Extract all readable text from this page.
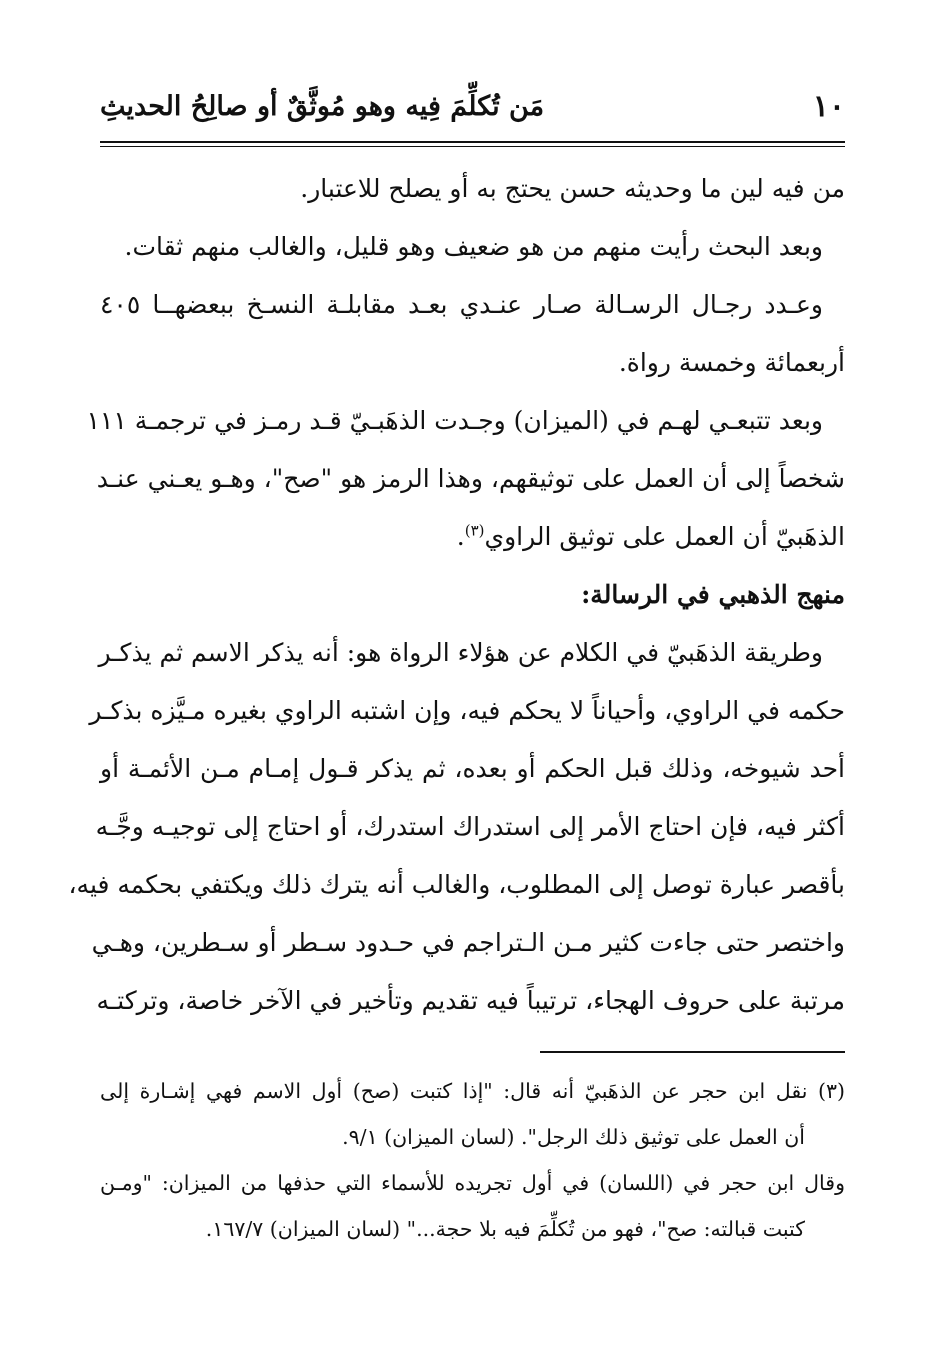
١٠
مَن تُكلِّمَ فِيه وهو مُوثَّقٌ أو صالِحُ الحديثِ
من فيه لين ما وحديثه حسن يحتج به أو يصلح للاعتبار.
وبعد البحث رأيت منهم من هو ضعيف وهو قليل، والغالب منهم ثقات.
وعـدد رجـال الرسـالة صـار عنـدي بعـد مقابلـة النسـخ ببعضهــا ٤٠٥
أربعمائة وخمسة رواة.
وبعد تتبعـي لهـم في (الميزان) وجـدت الذهَبـيّ قـد رمـز في ترجمـة ١١١
شخصاً إلى أن العمل على توثيقهم، وهذا الرمز هو "صح"، وهـو يعـني عنـد
الذهَبيّ أن العمل على توثيق الراوي$^{(٣)}$.
منهج الذهبي في الرسالة:
وطريقة الذهَبيّ في الكلام عن هؤلاء الرواة هو: أنه يذكر الاسم ثم يذكـر
حكمه في الراوي، وأحياناً لا يحكم فيه، وإن اشتبه الراوي بغيره مـيَّزه بذكـر
أحد شيوخه، وذلك قبل الحكم أو بعده، ثم يذكر قـول إمـام مـن الأئمـة أو
أكثر فيه، فإن احتاج الأمر إلى استدراك استدرك، أو احتاج إلى توجيـه وجَّـه
بأقصر عبارة توصل إلى المطلوب، والغالب أنه يترك ذلك ويكتفي بحكمه فيه،
واختصر حتى جاءت كثير مـن الـتراجم في حـدود سـطر أو سـطرين، وهـي
مرتبة على حروف الهجاء، ترتيباً فيه تقديم وتأخير في الآخر خاصة، وتركتـه
(٣) نقل ابن حجر عن الذهَبيّ أنه قال: "إذا كتبت (صح) أول الاسم فهي إشـارة إلى
أن العمل على توثيق ذلك الرجل". (لسان الميزان) ٩/١.
وقال ابن حجر في (اللسان) في أول تجريده للأسماء التي حذفها من الميزان: "ومـن
كتبت قبالته: صح"، فهو من تُكلِّمَ فيه بلا حجة..." (لسان الميزان) ١٦٧/٧.
